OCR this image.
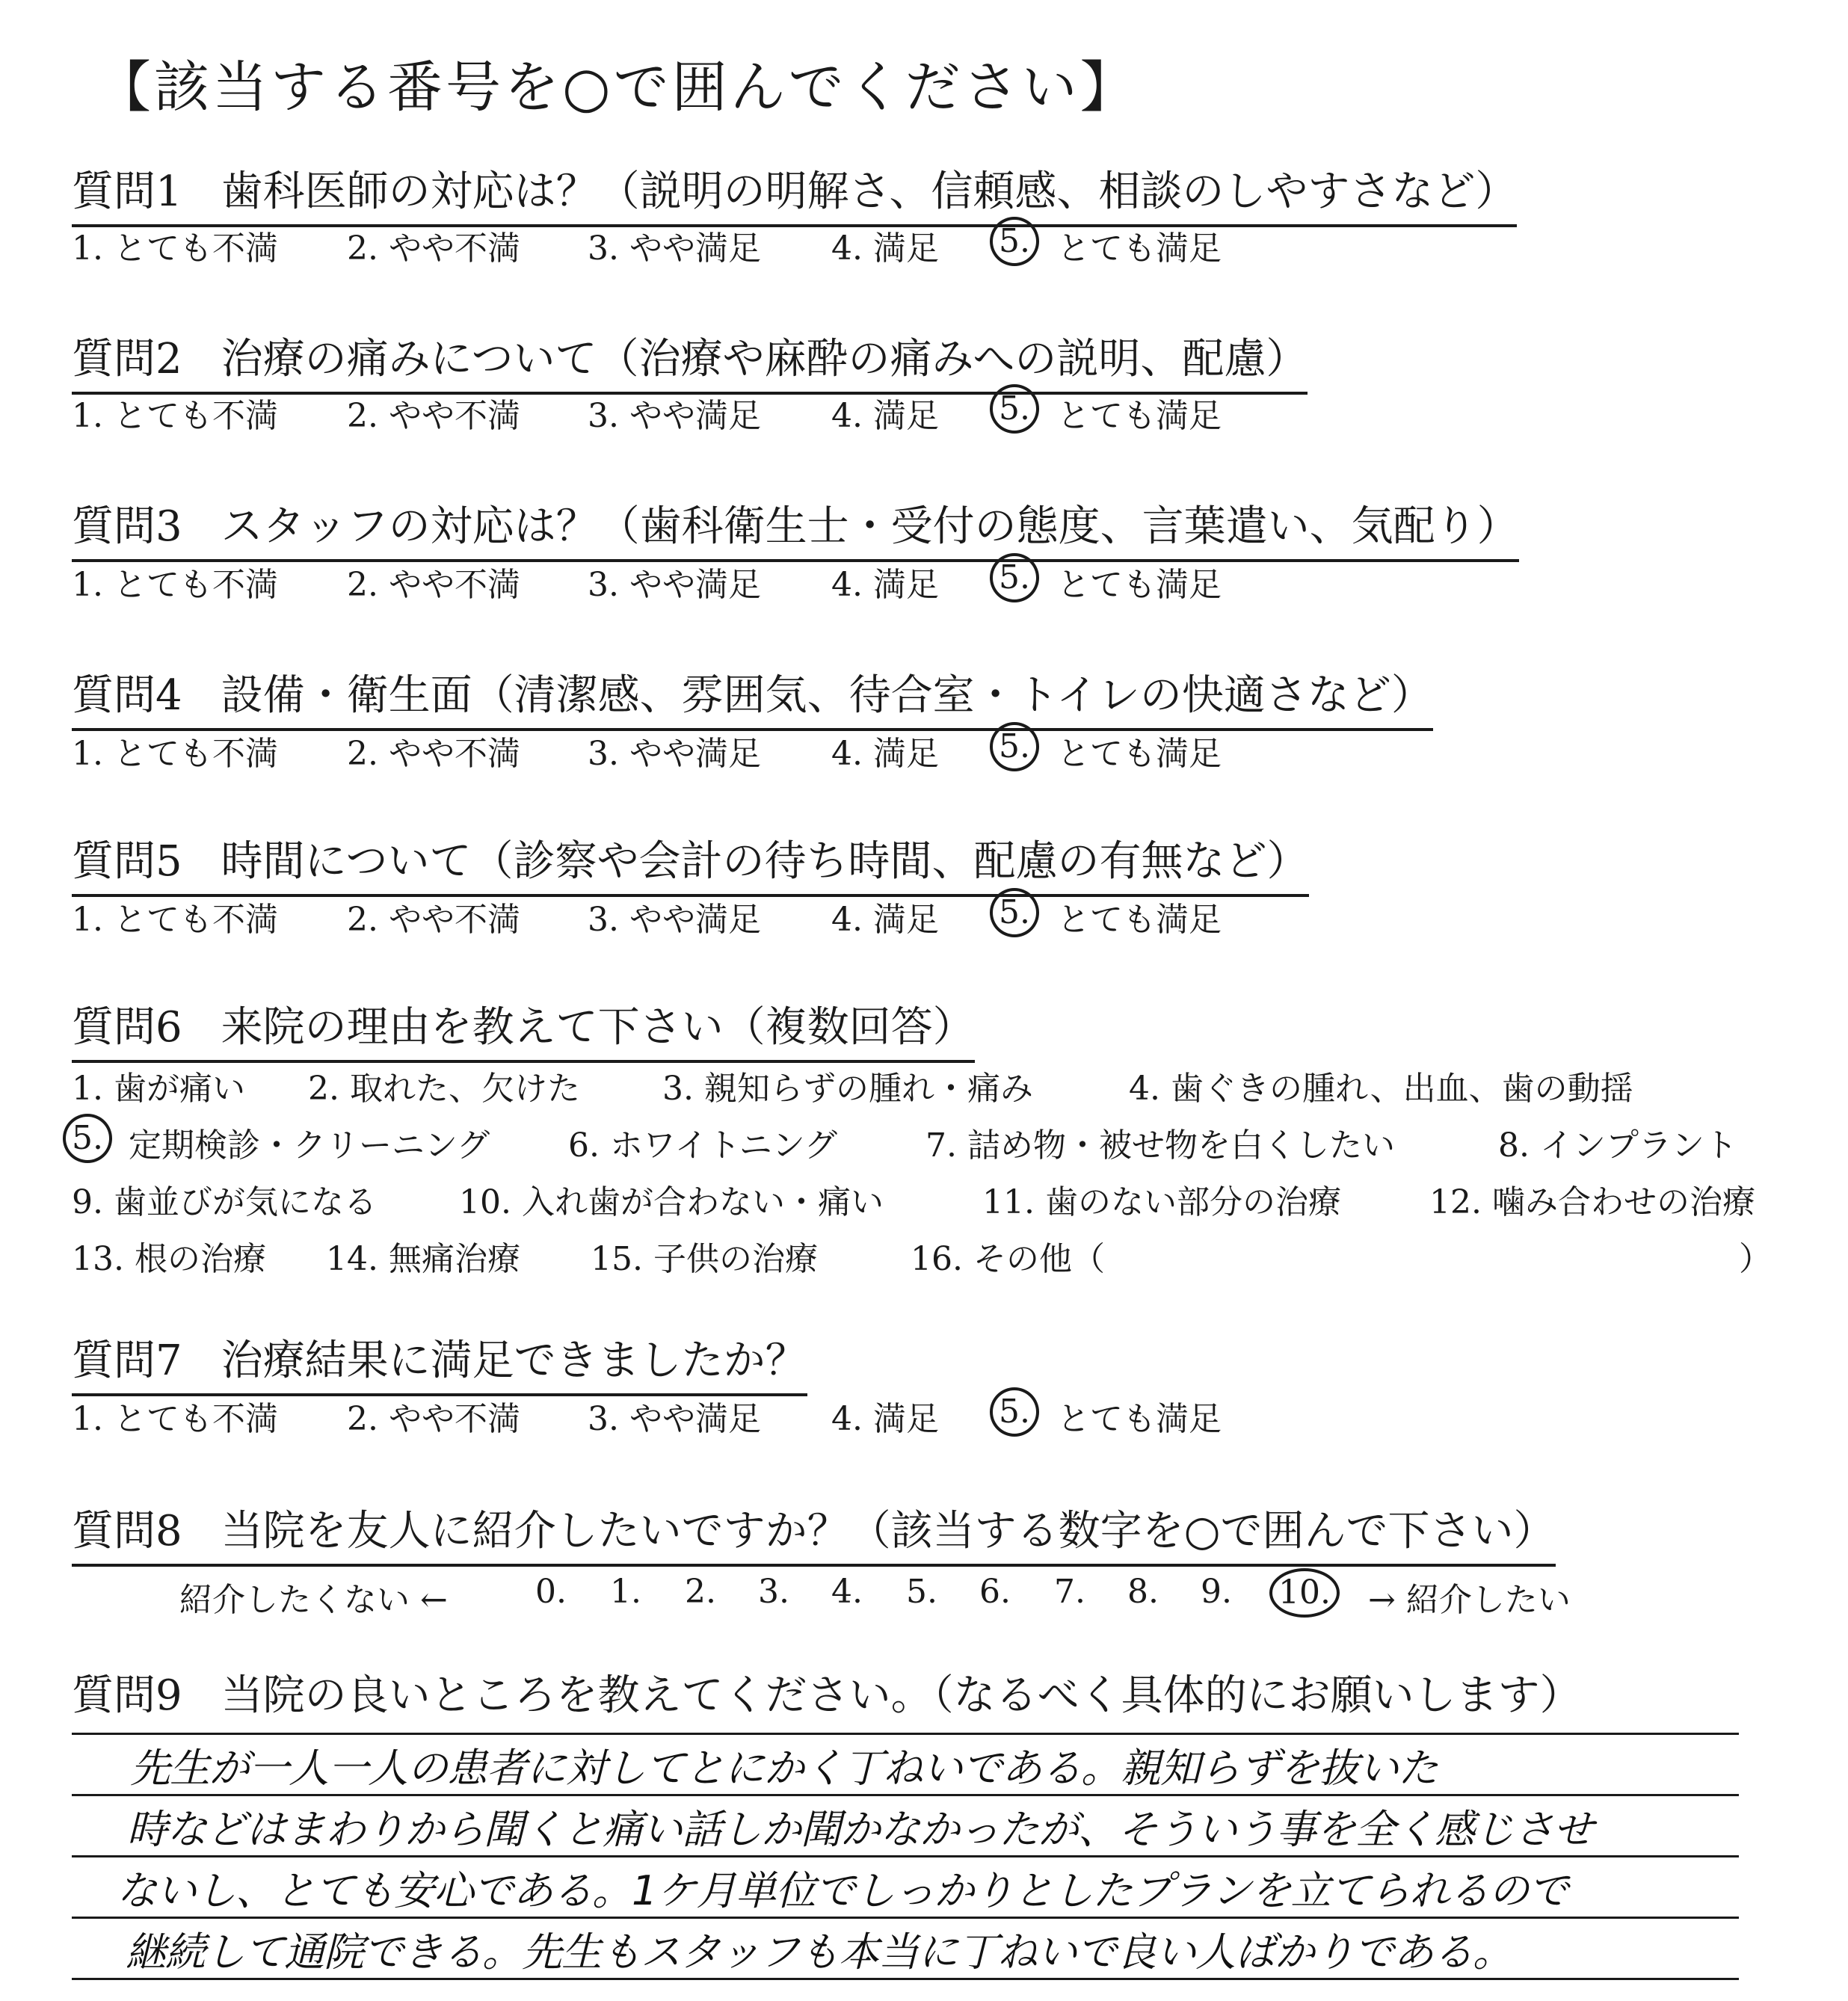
【該当する番号を○で囲んでください】
質問1 歯科医師の対応は？（説明の明解さ、信頼感、相談のしやすさなど）
1. とても不満 2. やや不満 3. やや満足 4. 満足 5. とても満足
質問2 治療の痛みについて（治療や麻酔の痛みへの説明、配慮）
1. とても不満 2. やや不満 3. やや満足 4. 満足 5. とても満足
質問3 スタッフの対応は？（歯科衛生士・受付の態度、言葉遣い、気配り）
1. とても不満 2. やや不満 3. やや満足 4. 満足 5. とても満足
質問4 設備・衛生面（清潔感、雰囲気、待合室・トイレの快適さなど）
1. とても不満 2. やや不満 3. やや満足 4. 満足 5. とても満足
質問5 時間について（診察や会計の待ち時間、配慮の有無など）
1. とても不満 2. やや不満 3. やや満足 4. 満足 5. とても満足
質問6 来院の理由を教えて下さい（複数回答）
1. 歯が痛い 2. 取れた、欠けた	3. 親知らずの腫れ・痛み	4. 歯ぐきの腫れ、出血、歯の動揺
5. 定期検診・クリーニング 6. ホワイトニング	7. 詰め物・被せ物を白くしたい	8. インプラント
9. 歯並びが気になる	10. 入れ歯が合わない・痛い	11. 歯のない部分の治療	12. 噛み合わせの治療
13. 根の治療 14. 無痛治療 15. 子供の治療	16. その他（	）
質問7 治療結果に満足できましたか？
1. とても不満 2. やや不満 3. やや満足 4. 満足 5. とても満足
質問8 当院を友人に紹介したいですか？（該当する数字を○で囲んで下さい）
紹介したくない ←	0. 1. 2. 3. 4. 5. 6. 7. 8. 9. 10. → 紹介したい
質問9 当院の良いところを教えてください。（なるべく具体的にお願いします）
先生が一人一人の患者に対してとにかく丁ねいである。親知らずを抜いた
時などはまわりから聞くと痛い話しか聞かなかったが、そういう事を全く感じさせ
ないし、とても安心である。1ケ月単位でしっかりとしたプランを立てられるので
継続して通院できる。先生もスタッフも本当に丁ねいで良い人ばかりである。
